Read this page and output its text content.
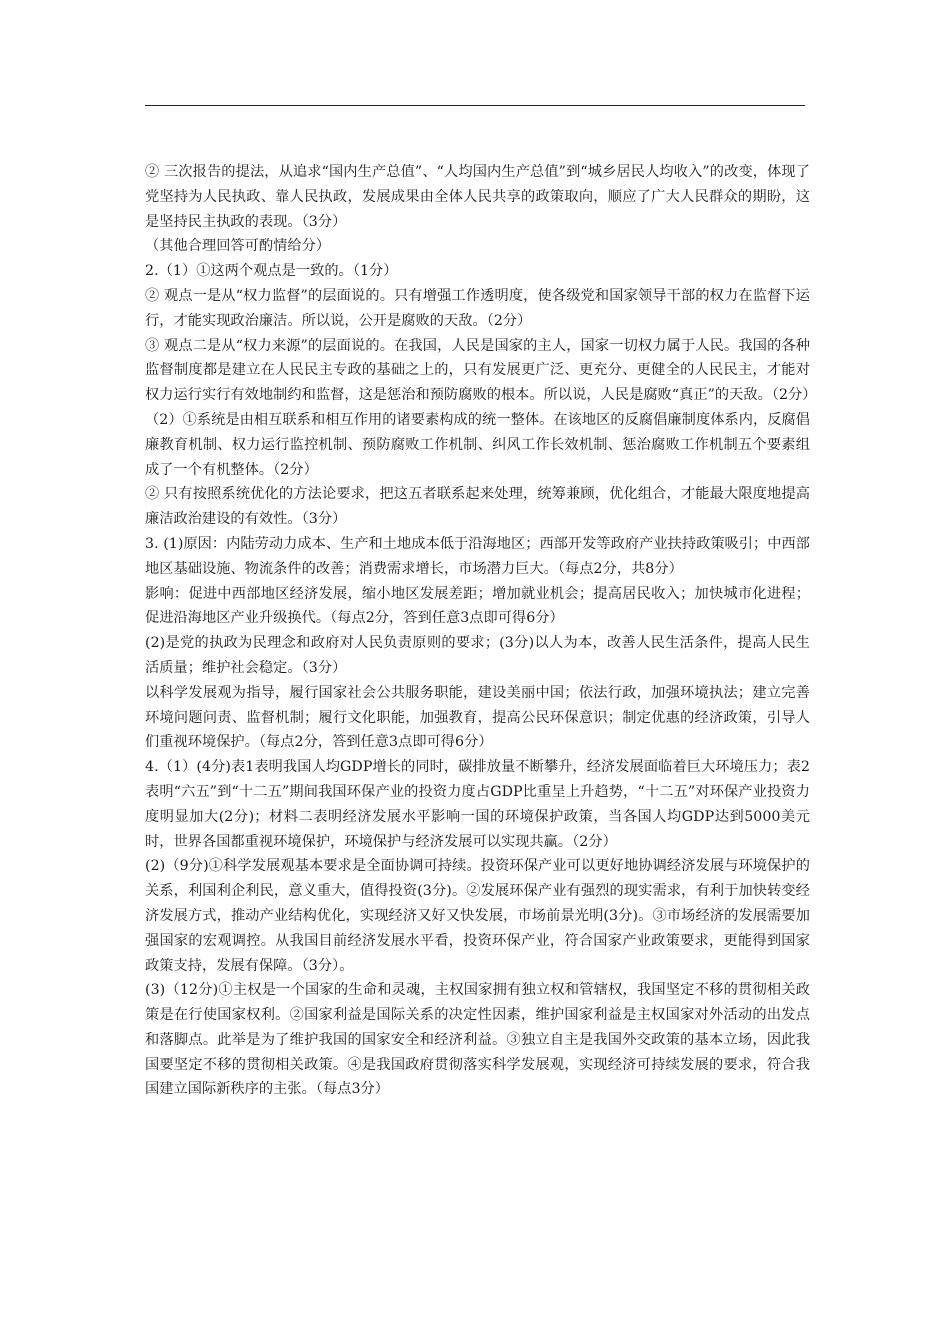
② 三次报告的提法，从追求“国内生产总值”、“人均国内生产总值”到“城乡居民人均收入”的改变，体现了党坚持为人民执政、靠人民执政，发展成果由全体人民共享的政策取向，顺应了广大人民群众的期盼，这是坚持民主执政的表现。（3分）

（其他合理回答可酌情给分）

2.（1）①这两个观点是一致的。（1分）

② 观点一是从“权力监督”的层面说的。只有增强工作透明度，使各级党和国家领导干部的权力在监督下运行，才能实现政治廉洁。所以说，公开是腐败的天敌。（2分）

③ 观点二是从“权力来源”的层面说的。在我国，人民是国家的主人，国家一切权力属于人民。我国的各种监督制度都是建立在人民民主专政的基础之上的，只有发展更广泛、更充分、更健全的人民民主，才能对权力运行实行有效地制约和监督，这是惩治和预防腐败的根本。所以说，人民是腐败“真正”的天敌。（2分）

（2）①系统是由相互联系和相互作用的诸要素构成的统一整体。在该地区的反腐倡廉制度体系内，反腐倡廉教育机制、权力运行监控机制、预防腐败工作机制、纠风工作长效机制、惩治腐败工作机制五个要素组成了一个有机整体。（2分）

② 只有按照系统优化的方法论要求，把这五者联系起来处理，统筹兼顾，优化组合，才能最大限度地提高廉洁政治建设的有效性。（3分）

3. (1)原因：内陆劳动力成本、生产和土地成本低于沿海地区；西部开发等政府产业扶持政策吸引；中西部地区基础设施、物流条件的改善；消费需求增长，市场潜力巨大。（每点2分，共8分）

影响：促进中西部地区经济发展，缩小地区发展差距；增加就业机会；提高居民收入；加快城市化进程；促进沿海地区产业升级换代。（每点2分，答到任意3点即可得6分）

(2)是党的执政为民理念和政府对人民负责原则的要求；(3分)以人为本，改善人民生活条件，提高人民生活质量；维护社会稳定。（3分）

以科学发展观为指导，履行国家社会公共服务职能，建设美丽中国；依法行政，加强环境执法；建立完善环境问题问责、监督机制；履行文化职能，加强教育，提高公民环保意识；制定优惠的经济政策，引导人们重视环境保护。（每点2分，答到任意3点即可得6分）

4.（1）(4分)表1表明我国人均GDP增长的同时，碳排放量不断攀升，经济发展面临着巨大环境压力；表2表明“六五”到“十二五”期间我国环保产业的投资力度占GDP比重呈上升趋势，“十二五”对环保产业投资力度明显加大(2分)；材料二表明经济发展水平影响一国的环境保护政策，当各国人均GDP达到5000美元时，世界各国都重视环境保护，环境保护与经济发展可以实现共赢。（2分）

(2)（9分)①科学发展观基本要求是全面协调可持续。投资环保产业可以更好地协调经济发展与环境保护的关系，利国利企利民，意义重大，值得投资(3分)。②发展环保产业有强烈的现实需求，有利于加快转变经济发展方式，推动产业结构优化，实现经济又好又快发展，市场前景光明(3分)。③市场经济的发展需要加强国家的宏观调控。从我国目前经济发展水平看，投资环保产业，符合国家产业政策要求，更能得到国家政策支持，发展有保障。（3分）。

(3)（12分)①主权是一个国家的生命和灵魂，主权国家拥有独立权和管辖权，我国坚定不移的贯彻相关政策是在行使国家权利。②国家利益是国际关系的决定性因素，维护国家利益是主权国家对外活动的出发点和落脚点。此举是为了维护我国的国家安全和经济利益。③独立自主是我国外交政策的基本立场，因此我国要坚定不移的贯彻相关政策。④是我国政府贯彻落实科学发展观，实现经济可持续发展的要求，符合我国建立国际新秩序的主张。（每点3分）
